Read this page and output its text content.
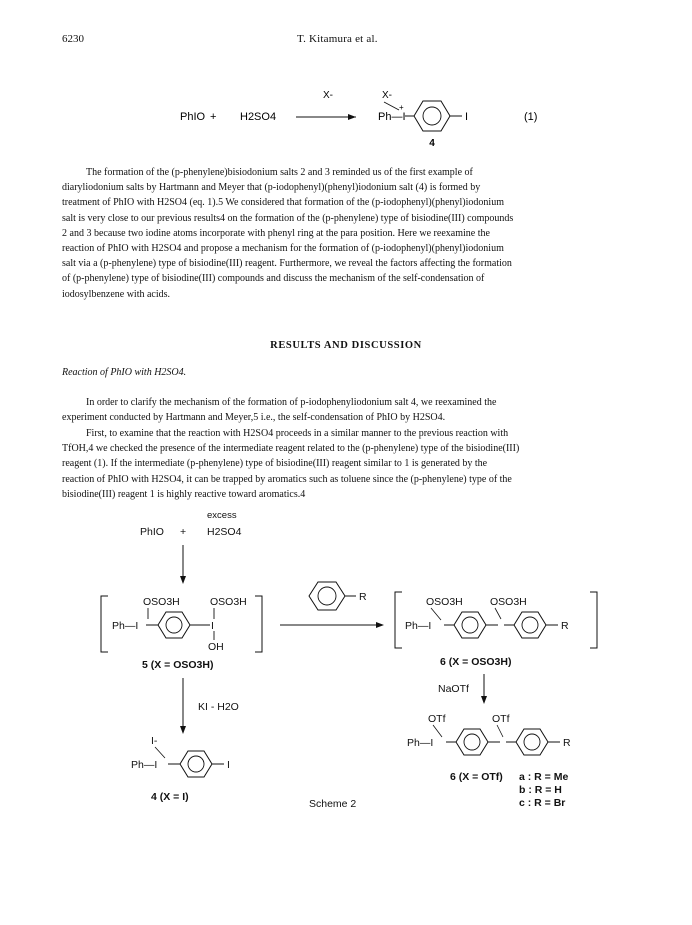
6230	T. Kitamura et al.
PhIO + H2SO4
X-	X-
Ph—I
+
I
4
(1)
The formation of the (p-phenylene)bisiodonium salts 2 and 3 reminded us of the first example of
diaryliodonium salts by Hartmann and Meyer that (p-iodophenyl)(phenyl)iodonium salt (4) is formed by
treatment of PhIO with H2SO4 (eq. 1).5 We considered that formation of the (p-iodophenyl)(phenyl)iodonium
salt is very close to our previous results4 on the formation of the (p-phenylene) type of bisiodine(III) compounds
2 and 3 because two iodine atoms incorporate with phenyl ring at the para position. Here we reexamine the
reaction of PhIO with H2SO4 and propose a mechanism for the formation of (p-iodophenyl)(phenyl)iodonium
salt via a (p-phenylene) type of bisiodine(III) reagent. Furthermore, we reveal the factors affecting the formation
of (p-phenylene) type of bisiodine(III) compounds and discuss the mechanism of the self-condensation of
iodosylbenzene with acids.
RESULTS AND DISCUSSION
Reaction of PhIO with H2SO4.
In order to clarify the mechanism of the formation of p-iodophenyliodonium salt 4, we reexamined the
experiment conducted by Hartmann and Meyer,5 i.e., the self-condensation of PhIO by H2SO4.
First, to examine that the reaction with H2SO4 proceeds in a similar manner to the previous reaction with
TfOH,4 we checked the presence of the intermediate reagent related to the (p-phenylene) type of the bisiodine(III)
reagent (1). If the intermediate (p-phenylene) type of bisiodine(III) reagent similar to 1 is generated by the
reaction of PhIO with H2SO4, it can be trapped by aromatics such as toluene since the (p-phenylene) type of the
bisiodine(III) reagent 1 is highly reactive toward aromatics.4
excess
PhIO + H2SO4
OSO3H	OSO3H
Ph—I	I
OH
5 (X = OSO3H)
R	OSO3H	OSO3H
Ph—I	R
6 (X = OSO3H)
KI - H2O
NaOTf
I-
Ph—I	I
4 (X = I)
OTf	OTf
Ph—I	R
6 (X = OTf) a : R = Me
b : R = H
c : R = Br
Scheme 2
